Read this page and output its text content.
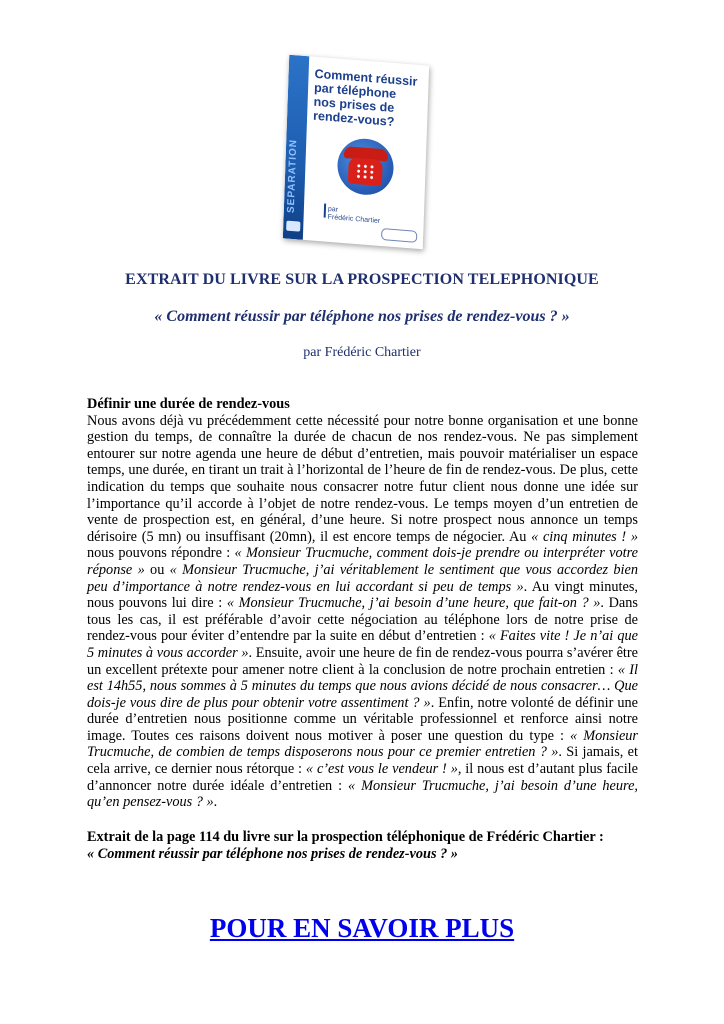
SEPARATION
Comment réussir
par téléphone
nos prises de
rendez-vous?
par
Frédéric Chartier
EXTRAIT DU LIVRE SUR LA PROSPECTION TELEPHONIQUE
« Comment réussir par téléphone nos prises de rendez-vous ? »
par Frédéric Chartier
Définir une durée de rendez-vous

Nous avons déjà vu précédemment cette nécessité pour notre bonne organisation et une bonne gestion du temps, de connaître la durée de chacun de nos rendez-vous. Ne pas simplement entourer sur notre agenda une heure de début d’entretien, mais pouvoir matérialiser un espace temps, une durée, en tirant un trait à l’horizontal de l’heure de fin de rendez-vous. De plus, cette indication du temps que souhaite nous consacrer notre futur client nous donne une idée sur l’importance qu’il accorde à l’objet de notre rendez-vous. Le temps moyen d’un entretien de vente de prospection est, en général, d’une heure. Si notre prospect nous annonce un temps dérisoire (5 mn) ou insuffisant (20mn), il est encore temps de négocier. Au « cinq minutes ! » nous pouvons répondre : « Monsieur Trucmuche, comment dois-je prendre ou interpréter votre réponse » ou « Monsieur Trucmuche, j’ai véritablement le sentiment que vous accordez bien peu d’importance à notre rendez-vous en lui accordant si peu de temps ». Au vingt minutes, nous pouvons lui dire : « Monsieur Trucmuche, j’ai besoin d’une heure, que fait-on ? ». Dans tous les cas, il est préférable d’avoir cette négociation au téléphone lors de notre prise de rendez-vous pour éviter d’entendre par la suite en début d’entretien : « Faites vite ! Je n’ai que 5 minutes à vous accorder ». Ensuite, avoir une heure de fin de rendez-vous pourra s’avérer être un excellent prétexte pour amener notre client à la conclusion de notre prochain entretien : « Il est 14h55, nous sommes à 5 minutes du temps que nous avions décidé de nous consacrer… Que dois-je vous dire de plus pour obtenir votre assentiment ? ». Enfin, notre volonté de définir une durée d’entretien nous positionne comme un véritable professionnel et renforce ainsi notre image. Toutes ces raisons doivent nous motiver à poser une question du type : « Monsieur Trucmuche, de combien de temps disposerons nous pour ce premier entretien ? ». Si jamais, et cela arrive, ce dernier nous rétorque : « c’est vous le vendeur ! », il nous est d’autant plus facile d’annoncer notre durée idéale d’entretien : « Monsieur Trucmuche, j’ai besoin d’une heure, qu’en pensez-vous ? ».

Extrait de la page 114 du livre sur la prospection téléphonique de Frédéric Chartier :
« Comment réussir par téléphone nos prises de rendez-vous ? »
POUR EN SAVOIR PLUS
